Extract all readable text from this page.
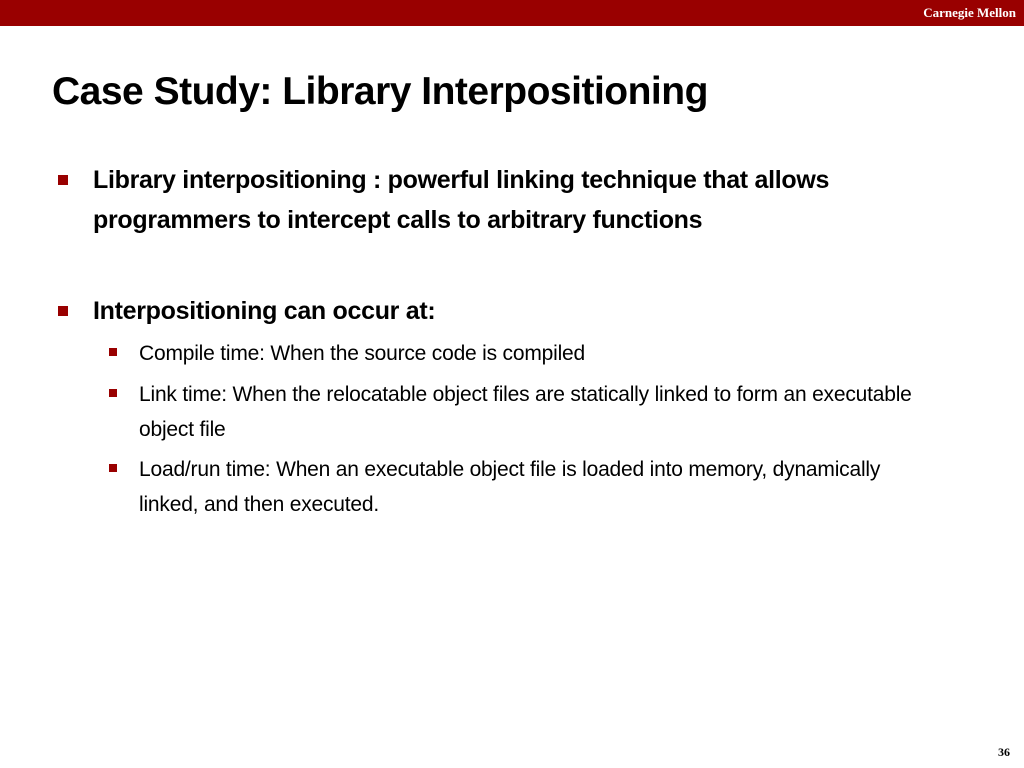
Carnegie Mellon
Case Study: Library Interpositioning
Library interpositioning : powerful linking technique that allows programmers to intercept calls to arbitrary functions
Interpositioning can occur at:
Compile time: When the source code is compiled
Link time: When the relocatable object files are statically linked to form an executable object file
Load/run time: When an executable object file is loaded into memory, dynamically linked, and then executed.
36
